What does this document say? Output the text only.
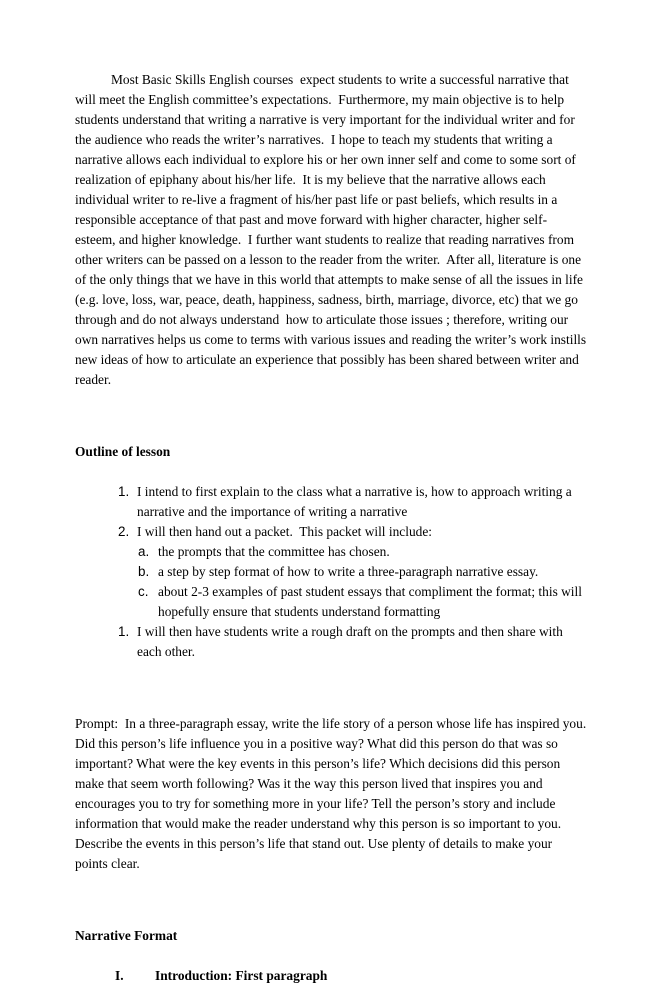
Most Basic Skills English courses  expect students to write a successful narrative that will meet the English committee’s expectations.  Furthermore, my main objective is to help students understand that writing a narrative is very important for the individual writer and for the audience who reads the writer’s narratives.  I hope to teach my students that writing a narrative allows each individual to explore his or her own inner self and come to some sort of realization of epiphany about his/her life.  It is my believe that the narrative allows each individual writer to re-live a fragment of his/her past life or past beliefs, which results in a responsible acceptance of that past and move forward with higher character, higher self-esteem, and higher knowledge.  I further want students to realize that reading narratives from other writers can be passed on a lesson to the reader from the writer.  After all, literature is one of the only things that we have in this world that attempts to make sense of all the issues in life (e.g. love, loss, war, peace, death, happiness, sadness, birth, marriage, divorce, etc) that we go through and do not always understand  how to articulate those issues ; therefore, writing our own narratives helps us come to terms with various issues and reading the writer’s work instills new ideas of how to articulate an experience that possibly has been shared between writer and reader.

Outline of lesson
1. I intend to first explain to the class what a narrative is, how to approach writing a narrative and the importance of writing a narrative
2. I will then hand out a packet.  This packet will include:
a. the prompts that the committee has chosen.
b. a step by step format of how to write a three-paragraph narrative essay.
c. about 2-3 examples of past student essays that compliment the format; this will hopefully ensure that students understand formatting
1. I will then have students write a rough draft on the prompts and then share with each other.

Prompt:  In a three-paragraph essay, write the life story of a person whose life has inspired you. Did this person’s life influence you in a positive way? What did this person do that was so important? What were the key events in this person’s life? Which decisions did this person make that seem worth following? Was it the way this person lived that inspires you and encourages you to try for something more in your life? Tell the person’s story and include information that would make the reader understand why this person is so important to you. Describe the events in this person’s life that stand out. Use plenty of details to make your points clear.

Narrative Format
I. Introduction: First paragraph
